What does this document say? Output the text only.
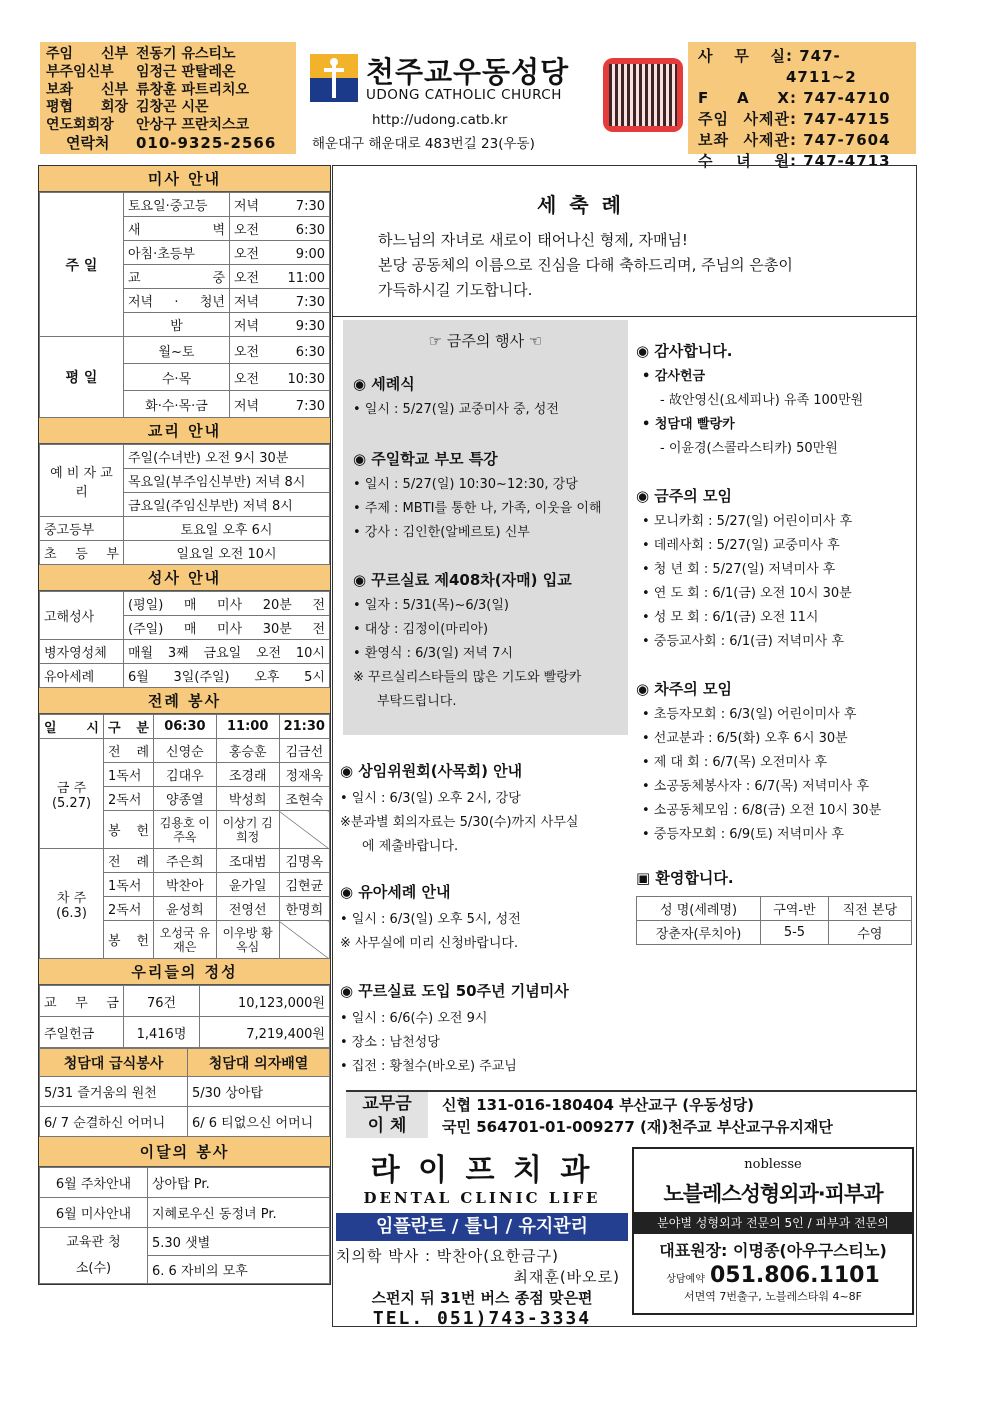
주임 신부 전동기 유스티노
부주임신부	임정근 판탈레온
보좌 신부 류창훈 파트리치오
평협 회장 김창곤 시몬
연도회회장	안상구 프란치스코
연락처	010-9325-2566
천주교우동성당
UDONG CATHOLIC CHURCH
http://udong.catb.kr
해운대구 해운대로 483번길 23(우동)
사 무 실 : 747-4711~2
F A X : 747-4710
주임 사제관 : 747-4715
보좌 사제관 : 747-7604
수 녀 원 : 747-4713
미사 안내
주 일	토요일·중고등	저녁 7:30
	새 벽	오전 6:30
	아침·초등부	오전 9:00
	교 중	오전 11:00
	저녁 · 청년	저녁 7:30
	밤	저녁 9:30
평 일	월~토	오전 6:30
	수·목	오전 10:30
	화·수·목·금	저녁 7:30
교리 안내
예 비 자 교 리	주일(수녀반) 오전 9시 30분
	목요일(부주임신부반) 저녁 8시
	금요일(주임신부반) 저녁 8시
중고등부	토요일 오후 6시
초 등 부	일요일 오전 10시
성사 안내
고해성사	(평일) 매 미사 20분 전
	(주일) 매 미사 30분 전
병자영성체	매월 3째 금요일 오전 10시
유아세례	6월 3일(주일) 오후 5시
전례 봉사
일 시	구 분	06:30	11:00	21:30
금 주 (5.27)	전 례	신영순	홍승훈	김금선
	1독서	김대우	조경래	정재욱
	2독서	양종열	박성희	조현숙
	봉 헌	김용호 이주옥	이상기 김희정	
차 주 (6.3)	전 례	주은희	조대범	김명옥
	1독서	박찬아	윤가일	김현균
	2독서	윤성희	전영선	한명희
	봉 헌	오성국 유재은	이우방 황옥심	
우리들의 정성
교 무 금	76건	10,123,000원
주일헌금	1,416명	7,219,400원
청담대 급식봉사	청담대 의자배열
5/31 즐거움의 원천	5/30 상아탑
6/ 7 순결하신 어머니	6/ 6 티없으신 어머니
이달의 봉사
6월 주차안내	상아탑 Pr.
6월 미사안내	지혜로우신 동정녀 Pr.
교육관 청소(수)	5.30 샛별
	6. 6 자비의 모후
세 축 례
하느님의 자녀로 새로이 태어나신 형제, 자매님!
본당 공동체의 이름으로 진심을 다해 축하드리며, 주님의 은총이
가득하시길 기도합니다.
☞ 금주의 행사 ☜
◉ 세례식
• 일시 : 5/27(일) 교중미사 중, 성전
◉ 주일학교 부모 특강
• 일시 : 5/27(일) 10:30~12:30, 강당
• 주제 : MBTI를 통한 나, 가족, 이웃을 이해
• 강사 : 김인한(알베르토) 신부
◉ 꾸르실료 제408차(자매) 입교
• 일자 : 5/31(목)~6/3(일)
• 대상 : 김정이(마리아)
• 환영식 : 6/3(일) 저녁 7시
※ 꾸르실리스타들의 많은 기도와 빨랑카
부탁드립니다.
◉ 상임위원회(사목회) 안내
• 일시 : 6/3(일) 오후 2시, 강당
※분과별 회의자료는 5/30(수)까지 사무실
에 제출바랍니다.
◉ 유아세례 안내
• 일시 : 6/3(일) 오후 5시, 성전
※ 사무실에 미리 신청바랍니다.
◉ 꾸르실료 도입 50주년 기념미사
• 일시 : 6/6(수) 오전 9시
• 장소 : 남천성당
• 집전 : 황철수(바오로) 주교님
◉ 감사합니다.
• 감사헌금
- 故안영신(요세피나) 유족 100만원
• 청담대 빨랑카
- 이윤경(스콜라스티카) 50만원
◉ 금주의 모임
• 모니카회 : 5/27(일) 어린이미사 후
• 데레사회 : 5/27(일) 교중미사 후
• 청 년 회 : 5/27(일) 저녁미사 후
• 연 도 회 : 6/1(금) 오전 10시 30분
• 성 모 회 : 6/1(금) 오전 11시
• 중등교사회 : 6/1(금) 저녁미사 후
◉ 차주의 모임
• 초등자모회 : 6/3(일) 어린이미사 후
• 선교분과 : 6/5(화) 오후 6시 30분
• 제 대 회 : 6/7(목) 오전미사 후
• 소공동체봉사자 : 6/7(목) 저녁미사 후
• 소공동체모임 : 6/8(금) 오전 10시 30분
• 중등자모회 : 6/9(토) 저녁미사 후
▣ 환영합니다.
성 명(세례명)	구역-반	직전 본당
장춘자(루치아)	5-5	수영
교무금
이 체
신협 131-016-180404 부산교구 (우동성당)
국민 564701-01-009277 (재)천주교 부산교구유지재단
라 이 프 치 과
DENTAL CLINIC LIFE
임플란트 / 틀니 / 유지관리
치의학 박사 : 박찬아(요한금구)
최재훈(바오로)
스펀지 뒤 31번 버스 종점 맞은편
TEL. 051)743-3334
noblesse
노블레스성형외과·피부과
분야별 성형외과 전문의 5인 / 피부과 전문의
대표원장: 이명종(아우구스티노)
상담예약 051.806.1101
서면역 7번출구, 노블레스타워 4~8F
